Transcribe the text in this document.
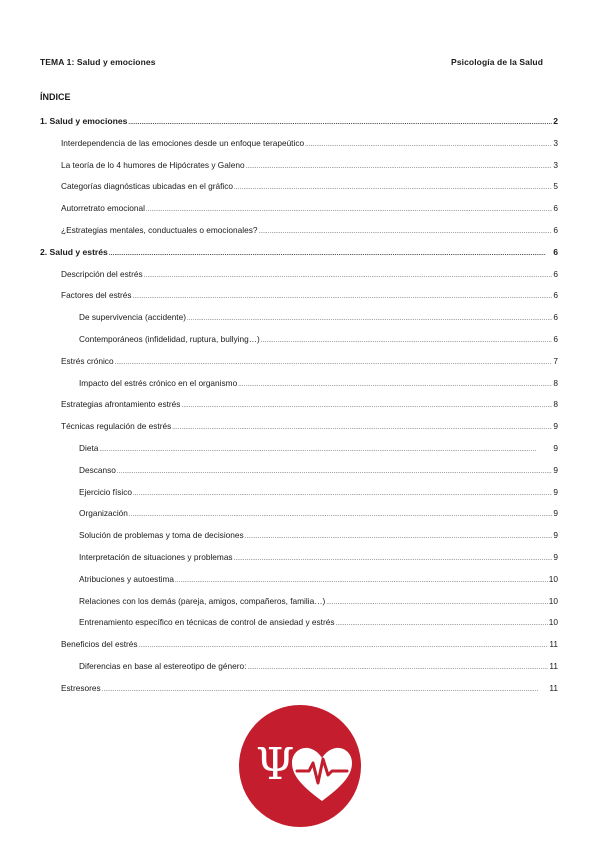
TEMA 1: Salud y emociones	Psicología de la Salud
ÍNDICE
1. Salud y emociones .....	2
Interdependencia de las emociones desde un enfoque terapeútico .....	3
La teoría de lo 4 humores de Hipócrates y Galeno .....	3
Categorías diagnósticas ubicadas en el gráfico .....	5
Autorretrato emocional .....	6
¿Estrategias mentales, conductuales o emocionales? .....	6
2. Salud y estrés .....	6
Descripción del estrés .....	6
Factores del estrés .....	6
De supervivencia (accidente) .....	6
Contemporáneos (infidelidad, ruptura, bullying…) .....	6
Estrés crónico .....	7
Impacto del estrés crónico en el organismo .....	8
Estrategias afrontamiento estrés .....	8
Técnicas regulación de estrés .....	9
Dieta .....	9
Descanso .....	9
Ejercicio físico .....	9
Organización .....	9
Solución de problemas y toma de decisiones .....	9
Interpretación de situaciones y problemas .....	9
Atribuciones y autoestima .....	10
Relaciones con los demás (pareja, amigos, compañeros, familia…) .....	10
Entrenamiento específico en técnicas de control de ansiedad y estrés .....	10
Beneficios del estrés .....	11
Diferencias en base al estereotipo de género: .....	11
Estresores .....	11
Ψ
